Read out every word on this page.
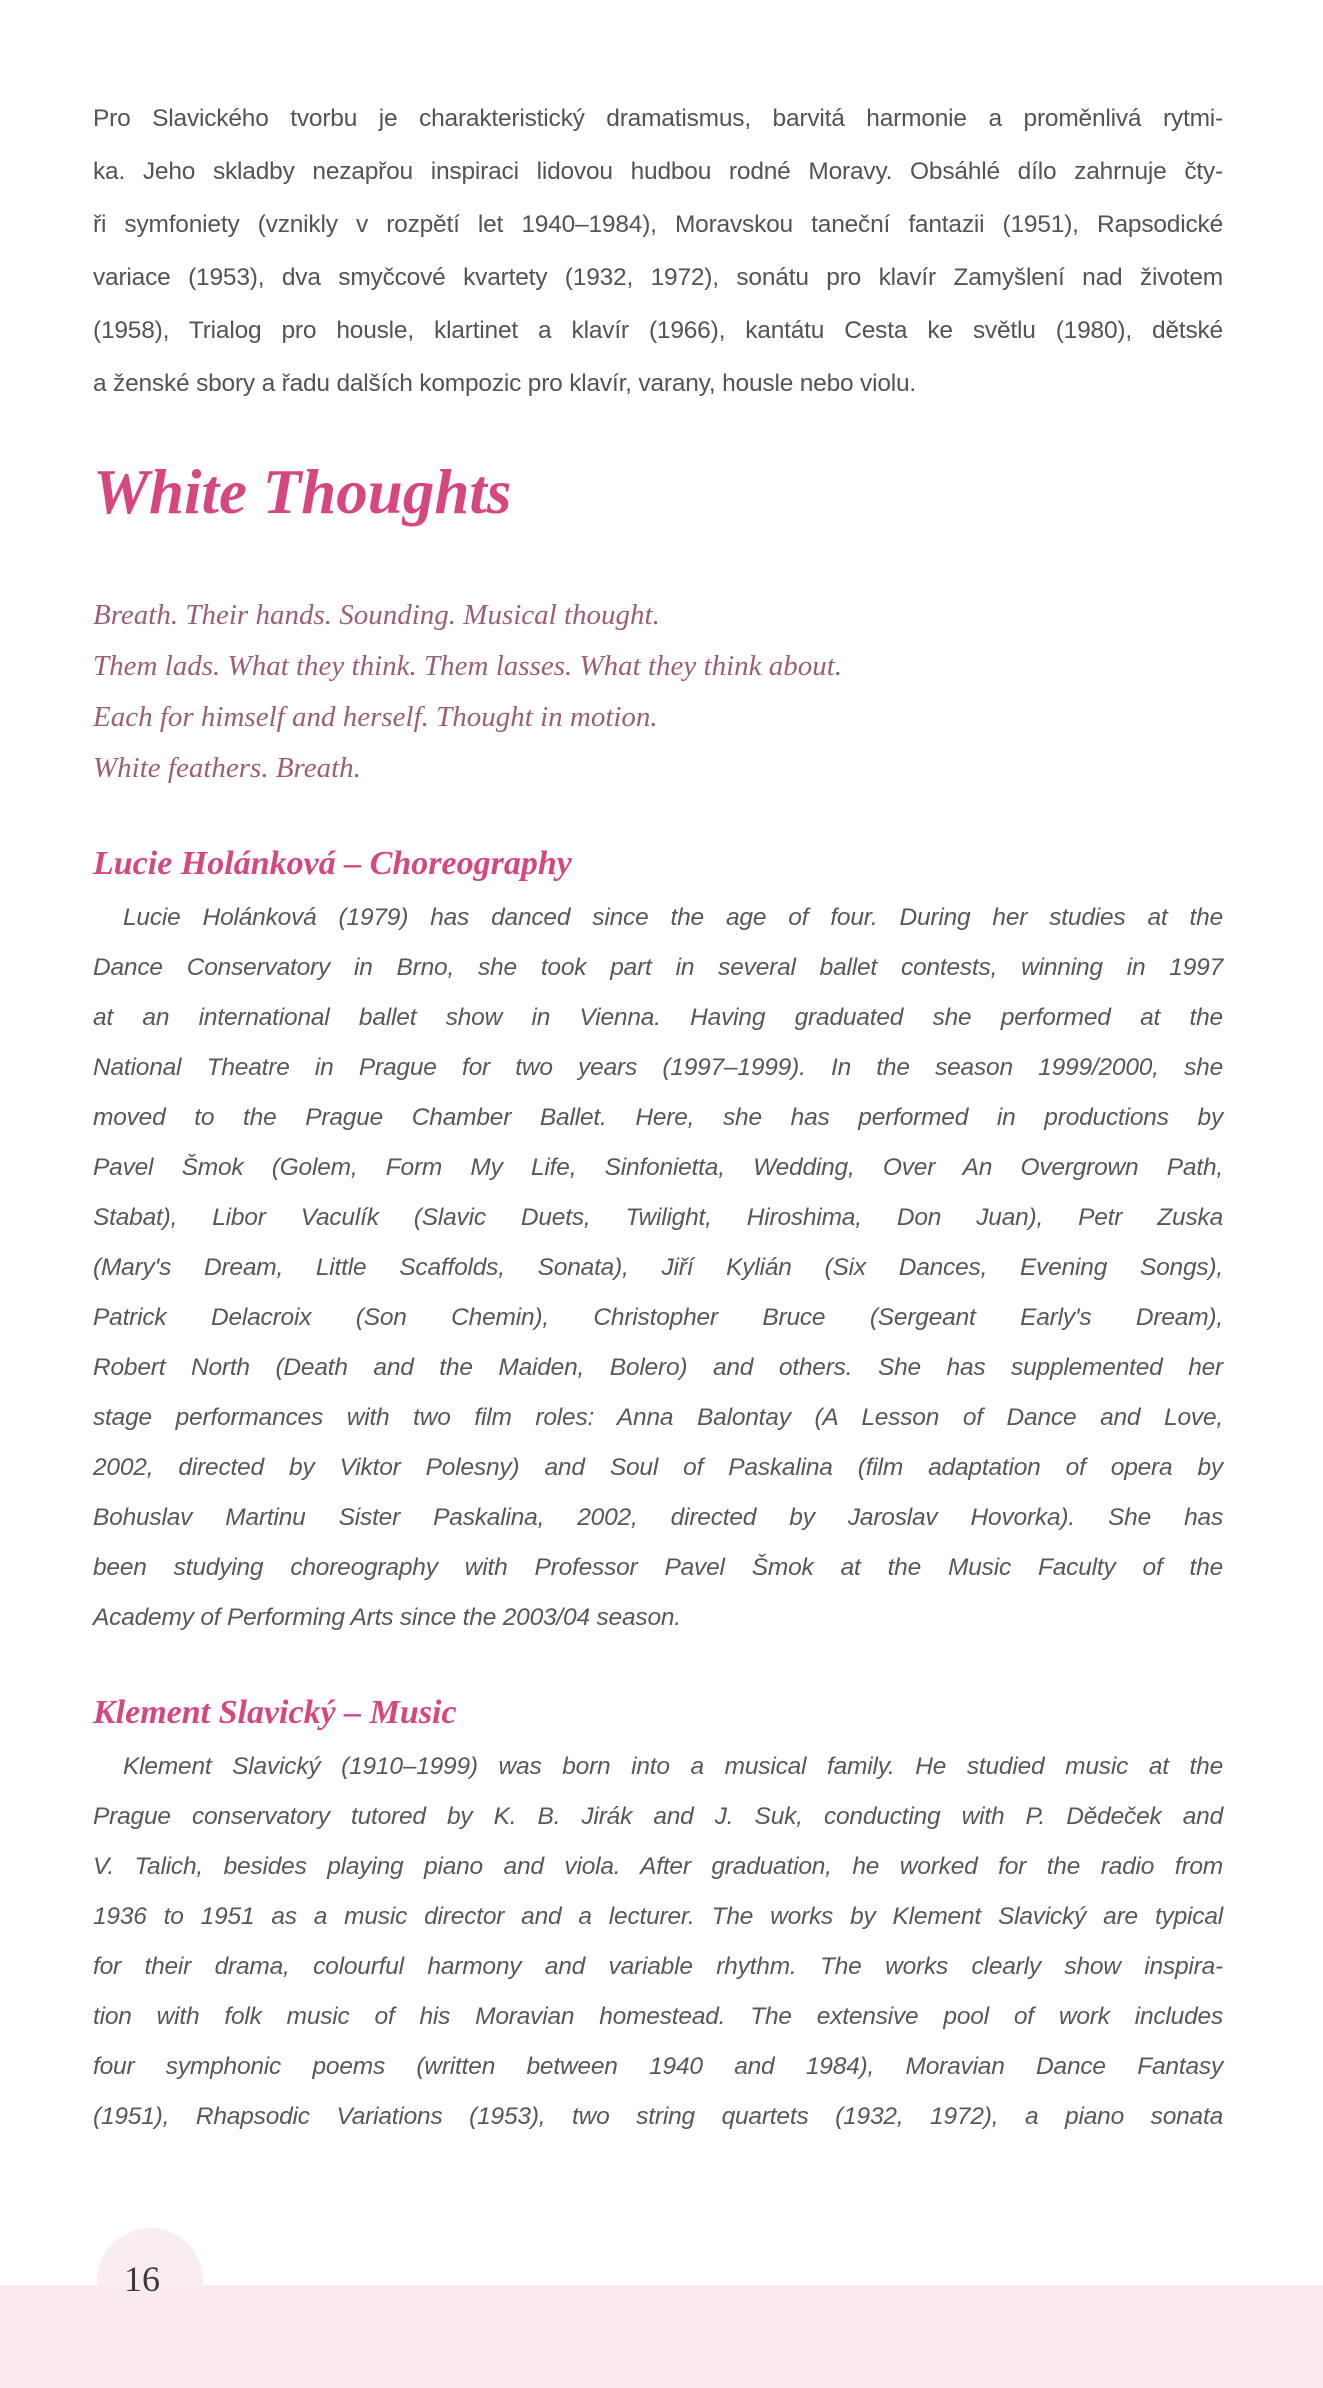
Pro Slavického tvorbu je charakteristický dramatismus, barvitá harmonie a proměnlivá rytmi-
ka. Jeho skladby nezapřou inspiraci lidovou hudbou rodné Moravy. Obsáhlé dílo zahrnuje čty-
ři symfoniety (vznikly v rozpětí let 1940–1984), Moravskou taneční fantazii (1951), Rapsodické
variace (1953), dva smyčcové kvartety (1932, 1972), sonátu pro klavír Zamyšlení nad životem
(1958), Trialog pro housle, klartinet a klavír (1966), kantátu Cesta ke světlu (1980), dětské
a ženské sbory a řadu dalších kompozic pro klavír, varany, housle nebo violu.
White Thoughts
Breath. Their hands. Sounding. Musical thought.
Them lads. What they think. Them lasses. What they think about.
Each for himself and herself. Thought in motion.
White feathers. Breath.
Lucie Holánková – Choreography
Lucie Holánková (1979) has danced since the age of four. During her studies at the
Dance Conservatory in Brno, she took part in several ballet contests, winning in 1997
at an international ballet show in Vienna. Having graduated she performed at the
National Theatre in Prague for two years (1997–1999). In the season 1999/2000, she
moved to the Prague Chamber Ballet. Here, she has performed in productions by
Pavel Šmok (Golem, Form My Life, Sinfonietta, Wedding, Over An Overgrown Path,
Stabat), Libor Vaculík (Slavic Duets, Twilight, Hiroshima, Don Juan), Petr Zuska
(Mary's Dream, Little Scaffolds, Sonata), Jiří Kylián (Six Dances, Evening Songs),
Patrick Delacroix (Son Chemin), Christopher Bruce (Sergeant Early's Dream),
Robert North (Death and the Maiden, Bolero) and others. She has supplemented her
stage performances with two film roles: Anna Balontay (A Lesson of Dance and Love,
2002, directed by Viktor Polesny) and Soul of Paskalina (film adaptation of opera by
Bohuslav Martinu Sister Paskalina, 2002, directed by Jaroslav Hovorka). She has
been studying choreography with Professor Pavel Šmok at the Music Faculty of the
Academy of Performing Arts since the 2003/04 season.
Klement Slavický – Music
Klement Slavický (1910–1999) was born into a musical family. He studied music at the
Prague conservatory tutored by K. B. Jirák and J. Suk, conducting with P. Dědeček and
V. Talich, besides playing piano and viola. After graduation, he worked for the radio from
1936 to 1951 as a music director and a lecturer. The works by Klement Slavický are typical
for their drama, colourful harmony and variable rhythm. The works clearly show inspira-
tion with folk music of his Moravian homestead. The extensive pool of work includes
four symphonic poems (written between 1940 and 1984), Moravian Dance Fantasy
(1951), Rhapsodic Variations (1953), two string quartets (1932, 1972), a piano sonata
16
